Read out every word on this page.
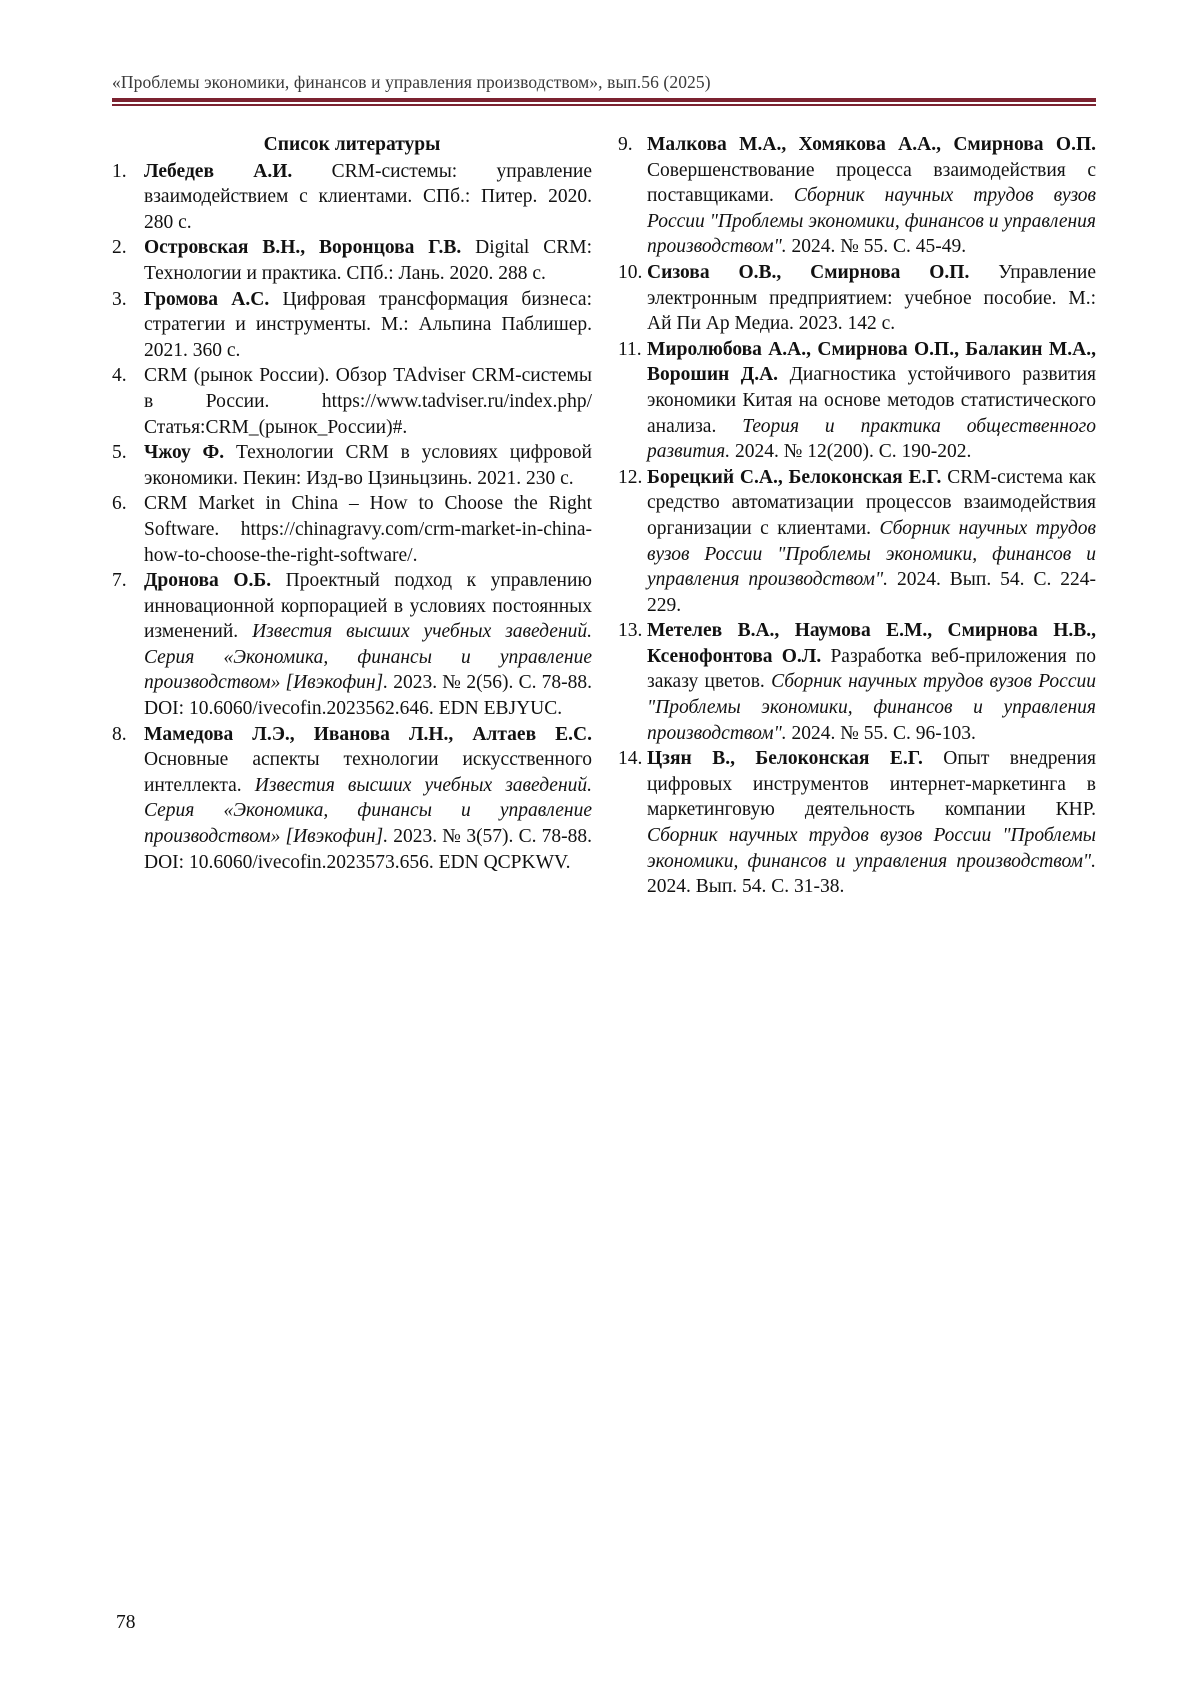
«Проблемы экономики, финансов и управления производством», вып.56 (2025)
Список литературы
1. Лебедев А.И. CRM-системы: управление взаимодействием с клиентами. СПб.: Питер. 2020. 280 с.
2. Островская В.Н., Воронцова Г.В. Digital CRM: Технологии и практика. СПб.: Лань. 2020. 288 с.
3. Громова А.С. Цифровая трансформация бизнеса: стратегии и инструменты. М.: Альпина Паблишер. 2021. 360 с.
4. CRM (рынок России). Обзор TAdviser CRM-системы в России. https://www.tadviser.ru/index.php/Статья:CRM_(рынок_России)#.
5. Чжоу Ф. Технологии CRM в условиях цифровой экономики. Пекин: Изд-во Цзиньцзинь. 2021. 230 с.
6. CRM Market in China – How to Choose the Right Software. https://chinagravy.com/crm-market-in-china-how-to-choose-the-right-software/.
7. Дронова О.Б. Проектный подход к управлению инновационной корпорацией в условиях постоянных изменений. Известия высших учебных заведений. Серия «Экономика, финансы и управление производством» [Ивэкофин]. 2023. № 2(56). С. 78-88. DOI: 10.6060/ivecofin.2023562.646. EDN EBJYUC.
8. Мамедова Л.Э., Иванова Л.Н., Алтаев Е.С. Основные аспекты технологии искусственного интеллекта. Известия высших учебных заведений. Серия «Экономика, финансы и управление производством» [Ивэкофин]. 2023. № 3(57). С. 78-88. DOI: 10.6060/ivecofin.2023573.656. EDN QCPKWV.
9. Малкова М.А., Хомякова А.А., Смирнова О.П. Совершенствование процесса взаимодействия с поставщиками. Сборник научных трудов вузов России "Проблемы экономики, финансов и управления производством". 2024. № 55. С. 45-49.
10. Сизова О.В., Смирнова О.П. Управление электронным предприятием: учебное пособие. М.: Ай Пи Ар Медиа. 2023. 142 с.
11. Миролюбова А.А., Смирнова О.П., Балакин М.А., Ворошин Д.А. Диагностика устойчивого развития экономики Китая на основе методов статистического анализа. Теория и практика общественного развития. 2024. № 12(200). С. 190-202.
12. Борецкий С.А., Белоконская Е.Г. CRM-система как средство автоматизации процессов взаимодействия организации с клиентами. Сборник научных трудов вузов России "Проблемы экономики, финансов и управления производством". 2024. Вып. 54. С. 224-229.
13. Метелев В.А., Наумова Е.М., Смирнова Н.В., Ксенофонтова О.Л. Разработка веб-приложения по заказу цветов. Сборник научных трудов вузов России "Проблемы экономики, финансов и управления производством". 2024. № 55. С. 96-103.
14. Цзян В., Белоконская Е.Г. Опыт внедрения цифровых инструментов интернет-маркетинга в маркетинговую деятельность компании КНР. Сборник научных трудов вузов России "Проблемы экономики, финансов и управления производством". 2024. Вып. 54. С. 31-38.
78
